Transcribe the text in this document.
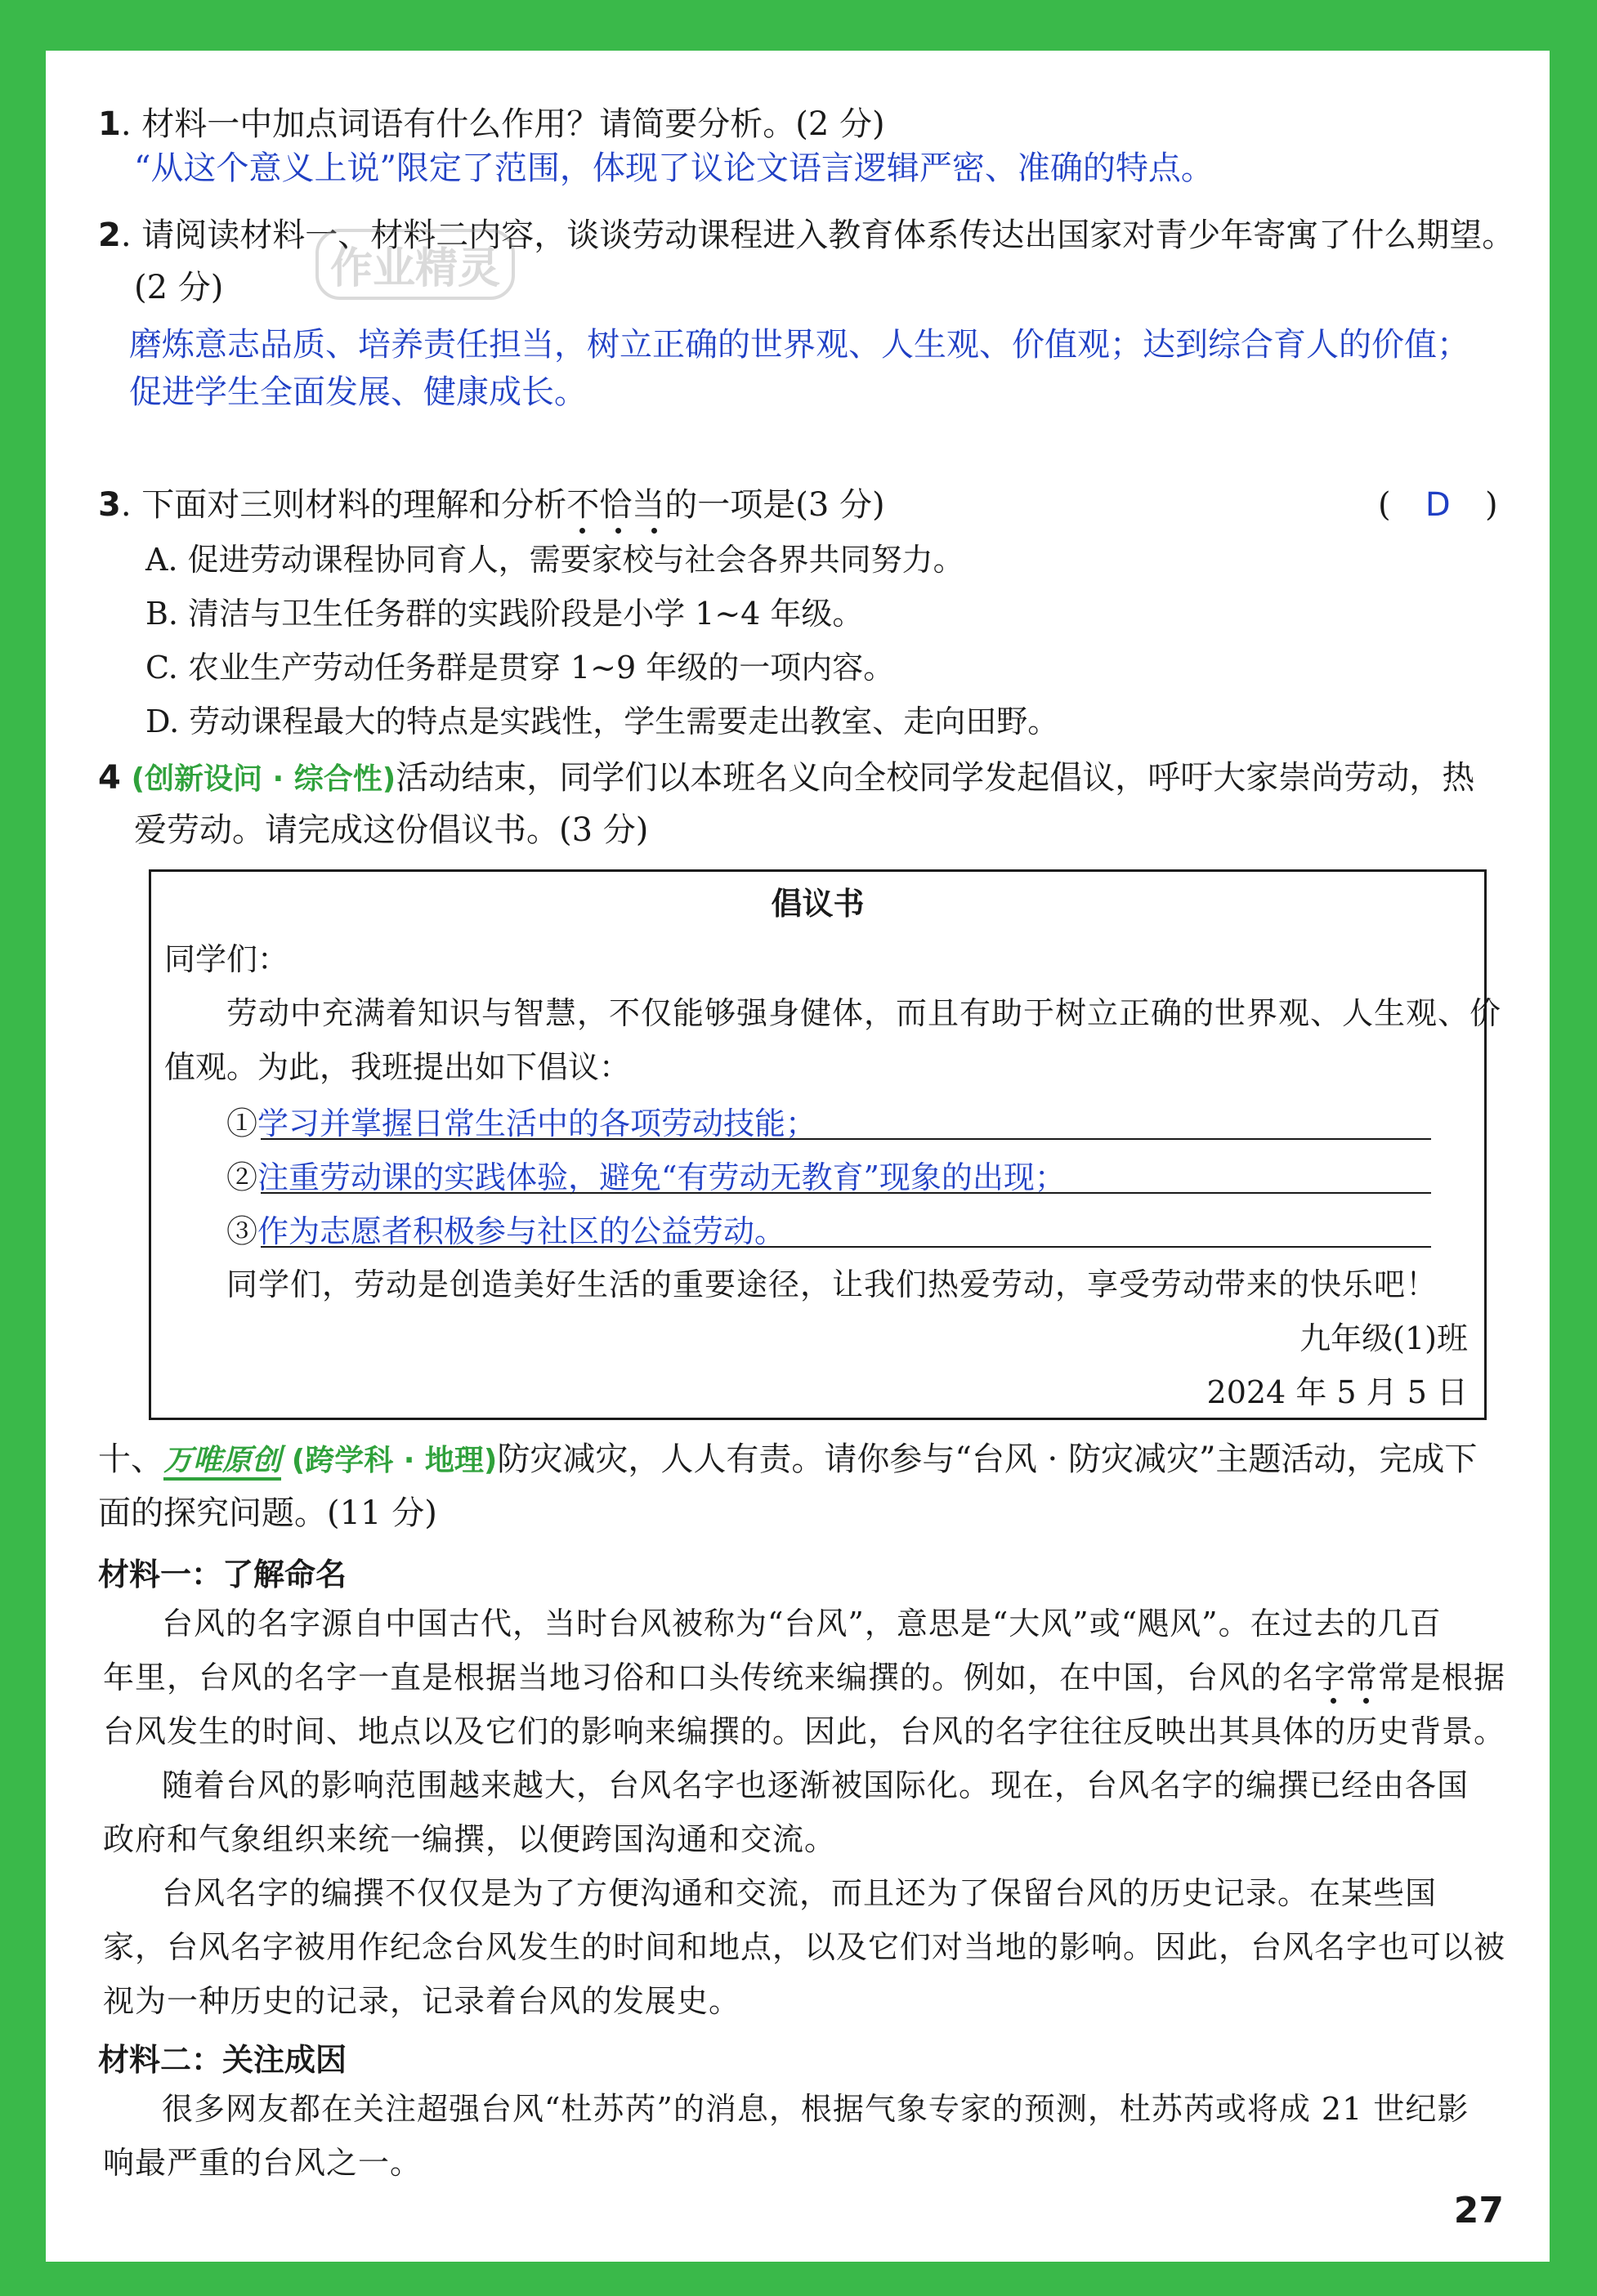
1. 材料一中加点词语有什么作用？请简要分析。(2 分)
“从这个意义上说”限定了范围，体现了议论文语言逻辑严密、准确的特点。
2. 请阅读材料一、材料二内容，谈谈劳动课程进入教育体系传达出国家对青少年寄寓了什么期望。
(2 分)
磨炼意志品质、培养责任担当，树立正确的世界观、人生观、价值观；达到综合育人的价值；
促进学生全面发展、健康成长。
作业精灵
3. 下面对三则材料的理解和分析不恰当的一项是(3 分)	( D )
A. 促进劳动课程协同育人，需要家校与社会各界共同努力。
B. 清洁与卫生任务群的实践阶段是小学 1~4 年级。
C. 农业生产劳动任务群是贯穿 1~9 年级的一项内容。
D. 劳动课程最大的特点是实践性，学生需要走出教室、走向田野。
4 (创新设问 · 综合性)活动结束，同学们以本班名义向全校同学发起倡议，呼吁大家崇尚劳动，热
爱劳动。请完成这份倡议书。(3 分)
倡议书
同学们：
劳动中充满着知识与智慧，不仅能够强身健体，而且有助于树立正确的世界观、人生观、价
值观。为此，我班提出如下倡议：
①学习并掌握日常生活中的各项劳动技能；
②注重劳动课的实践体验，避免“有劳动无教育”现象的出现；
③作为志愿者积极参与社区的公益劳动。
同学们，劳动是创造美好生活的重要途径，让我们热爱劳动，享受劳动带来的快乐吧！
九年级(1)班
2024 年 5 月 5 日
十、万唯原创 (跨学科 · 地理)防灾减灾，人人有责。请你参与“台风 · 防灾减灾”主题活动，完成下
面的探究问题。(11 分)
材料一：了解命名
台风的名字源自中国古代，当时台风被称为“台风”，意思是“大风”或“飓风”。在过去的几百
年里，台风的名字一直是根据当地习俗和口头传统来编撰的。例如，在中国，台风的名字常常是根据
台风发生的时间、地点以及它们的影响来编撰的。因此，台风的名字往往反映出其具体的历史背景。
随着台风的影响范围越来越大，台风名字也逐渐被国际化。现在，台风名字的编撰已经由各国
政府和气象组织来统一编撰，以便跨国沟通和交流。
台风名字的编撰不仅仅是为了方便沟通和交流，而且还为了保留台风的历史记录。在某些国
家，台风名字被用作纪念台风发生的时间和地点，以及它们对当地的影响。因此，台风名字也可以被
视为一种历史的记录，记录着台风的发展史。
材料二：关注成因
很多网友都在关注超强台风“杜苏芮”的消息，根据气象专家的预测，杜苏芮或将成 21 世纪影
响最严重的台风之一。
27
